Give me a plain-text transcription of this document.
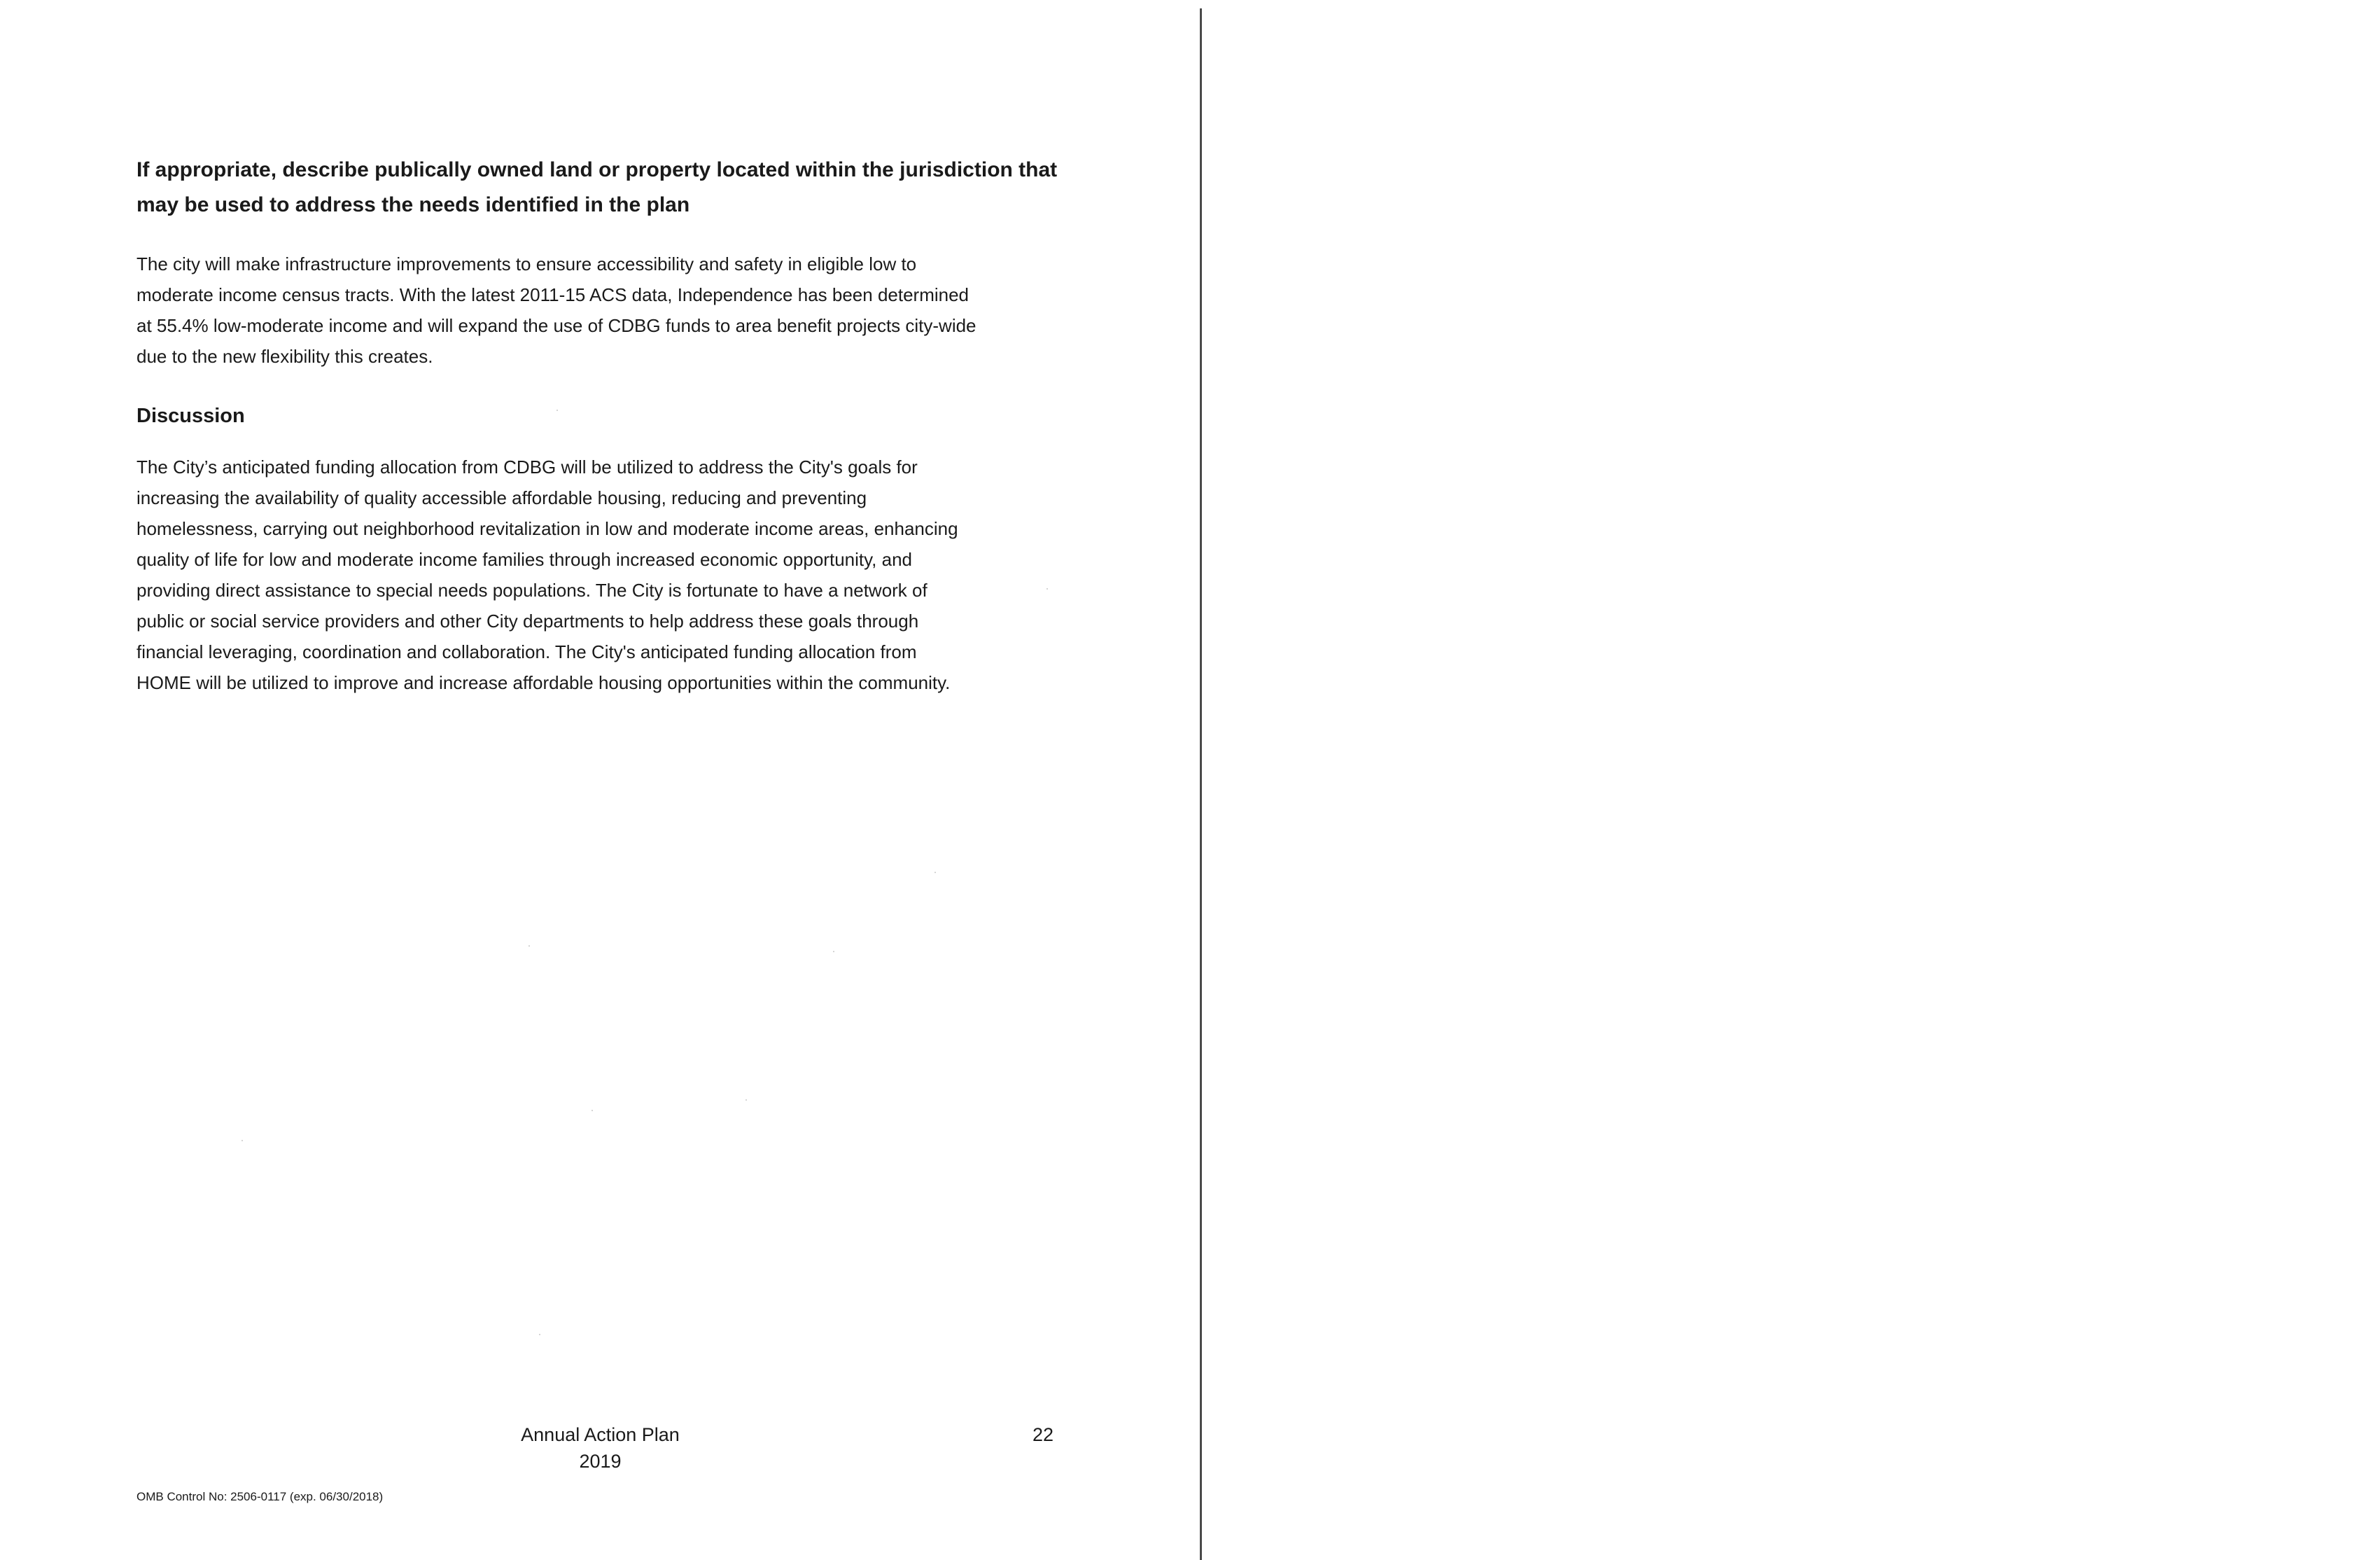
If appropriate, describe publically owned land or property located within the jurisdiction that may be used to address the needs identified in the plan
The city will make infrastructure improvements to ensure accessibility and safety in eligible low to
moderate income census tracts. With the latest 2011-15 ACS data, Independence has been determined
at 55.4% low-moderate income and will expand the use of CDBG funds to area benefit projects city-wide
due to the new flexibility this creates.
Discussion
The City’s anticipated funding allocation from CDBG will be utilized to address the City's goals for
increasing the availability of quality accessible affordable housing, reducing and preventing
homelessness, carrying out neighborhood revitalization in low and moderate income areas, enhancing
quality of life for low and moderate income families through increased economic opportunity, and
providing direct assistance to special needs populations. The City is fortunate to have a network of
public or social service providers and other City departments to help address these goals through
financial leveraging, coordination and collaboration. The City's anticipated funding allocation from
HOME will be utilized to improve and increase affordable housing opportunities within the community.
Annual Action Plan
2019
22
OMB Control No: 2506-0117 (exp. 06/30/2018)
